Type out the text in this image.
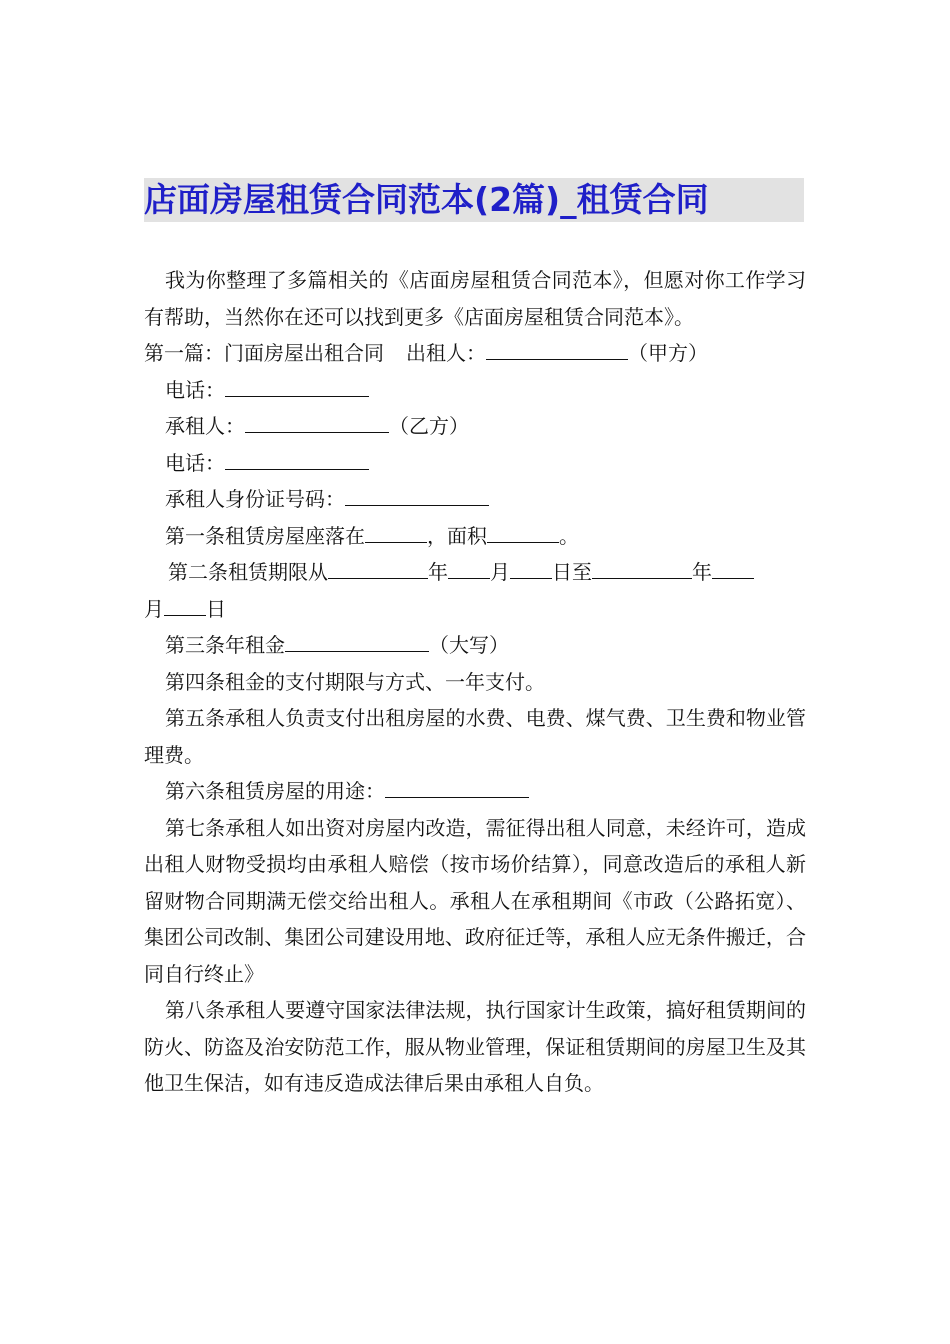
店面房屋租赁合同范本(2篇)_租赁合同

我为你整理了多篇相关的《店面房屋租赁合同范本》，但愿对你工作学习有帮助，当然你在还可以找到更多《店面房屋租赁合同范本》。

第一篇：门面房屋出租合同 出租人：	（甲方）

电话：

承租人：	（乙方）

电话：

承租人身份证号码：

第一条租赁房屋座落在	，面积	。

第二条租赁期限从	年 月 日至	年

月 日

第三条年租金	（大写）

第四条租金的支付期限与方式、一年支付。

第五条承租人负责支付出租房屋的水费、电费、煤气费、卫生费和物业管理费。

第六条租赁房屋的用途：

第七条承租人如出资对房屋内改造，需征得出租人同意，未经许可，造成出租人财物受损均由承租人赔偿（按市场价结算），同意改造后的承租人新留财物合同期满无偿交给出租人。承租人在承租期间《市政（公路拓宽）、集团公司改制、集团公司建设用地、政府征迁等，承租人应无条件搬迁，合同自行终止》

第八条承租人要遵守国家法律法规，执行国家计生政策，搞好租赁期间的防火、防盗及治安防范工作，服从物业管理，保证租赁期间的房屋卫生及其他卫生保洁，如有违反造成法律后果由承租人自负。
